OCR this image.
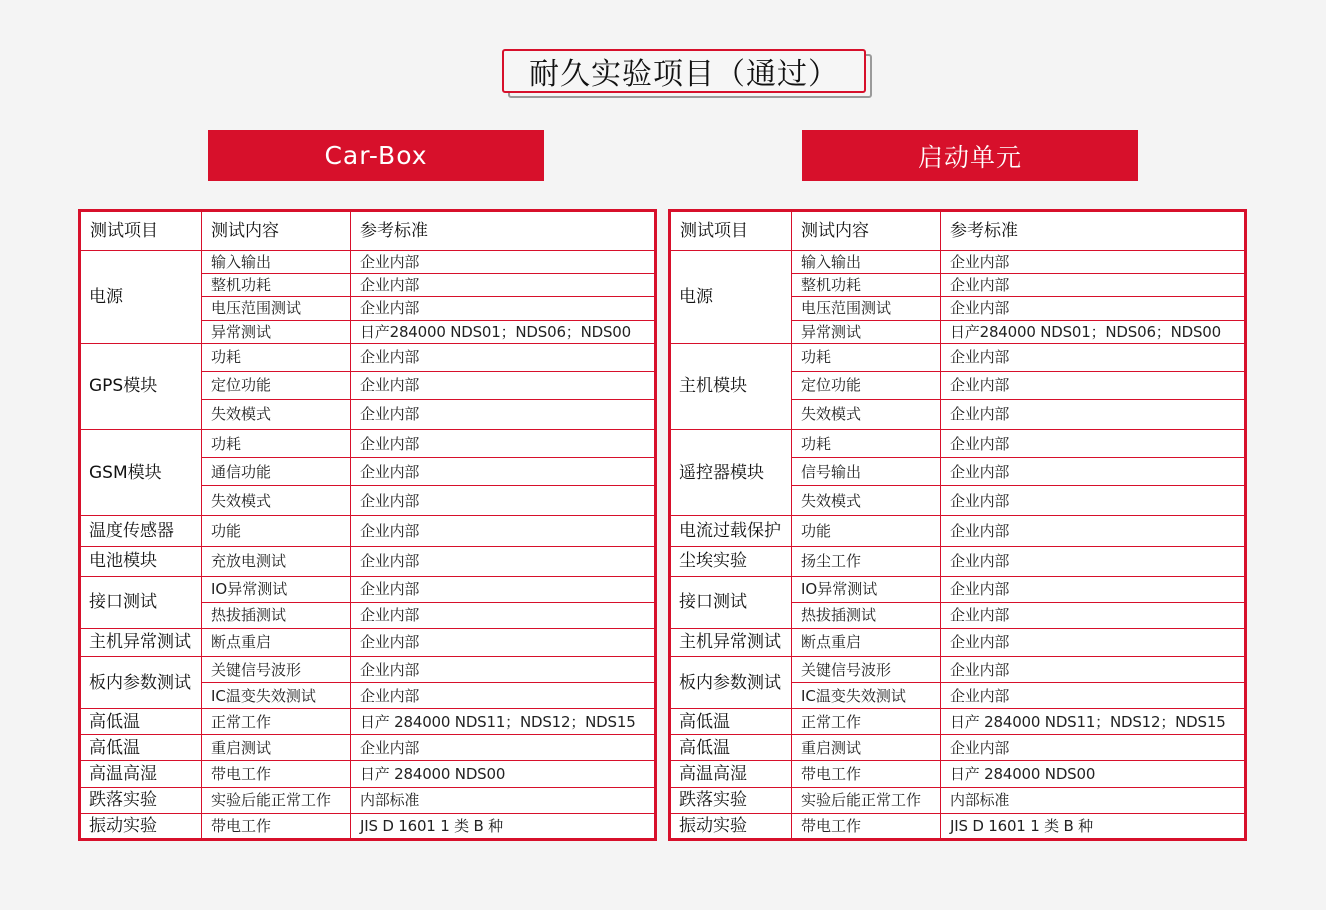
耐久实验项目（通过）
Car-Box	启动单元
测试项目	测试内容	参考标准
电源	输入输出	企业内部
	整机功耗	企业内部
	电压范围测试	企业内部
	异常测试	日产284000 NDS01；NDS06；NDS00
GPS模块	功耗	企业内部
	定位功能	企业内部
	失效模式	企业内部
GSM模块	功耗	企业内部
	通信功能	企业内部
	失效模式	企业内部
温度传感器	功能	企业内部
电池模块	充放电测试	企业内部
接口测试	IO异常测试	企业内部
	热拔插测试	企业内部
主机异常测试	断点重启	企业内部
板内参数测试	关键信号波形	企业内部
	IC温变失效测试	企业内部
高低温	正常工作	日产 284000 NDS11；NDS12；NDS15
高低温	重启测试	企业内部
高温高湿	带电工作	日产 284000 NDS00
跌落实验	实验后能正常工作	内部标准
振动实验	带电工作	JIS D 1601 1 类 B 种
测试项目	测试内容	参考标准
电源	输入输出	企业内部
	整机功耗	企业内部
	电压范围测试	企业内部
	异常测试	日产284000 NDS01；NDS06；NDS00
主机模块	功耗	企业内部
	定位功能	企业内部
	失效模式	企业内部
遥控器模块	功耗	企业内部
	信号输出	企业内部
	失效模式	企业内部
电流过载保护	功能	企业内部
尘埃实验	扬尘工作	企业内部
接口测试	IO异常测试	企业内部
	热拔插测试	企业内部
主机异常测试	断点重启	企业内部
板内参数测试	关键信号波形	企业内部
	IC温变失效测试	企业内部
高低温	正常工作	日产 284000 NDS11；NDS12；NDS15
高低温	重启测试	企业内部
高温高湿	带电工作	日产 284000 NDS00
跌落实验	实验后能正常工作	内部标准
振动实验	带电工作	JIS D 1601 1 类 B 种
